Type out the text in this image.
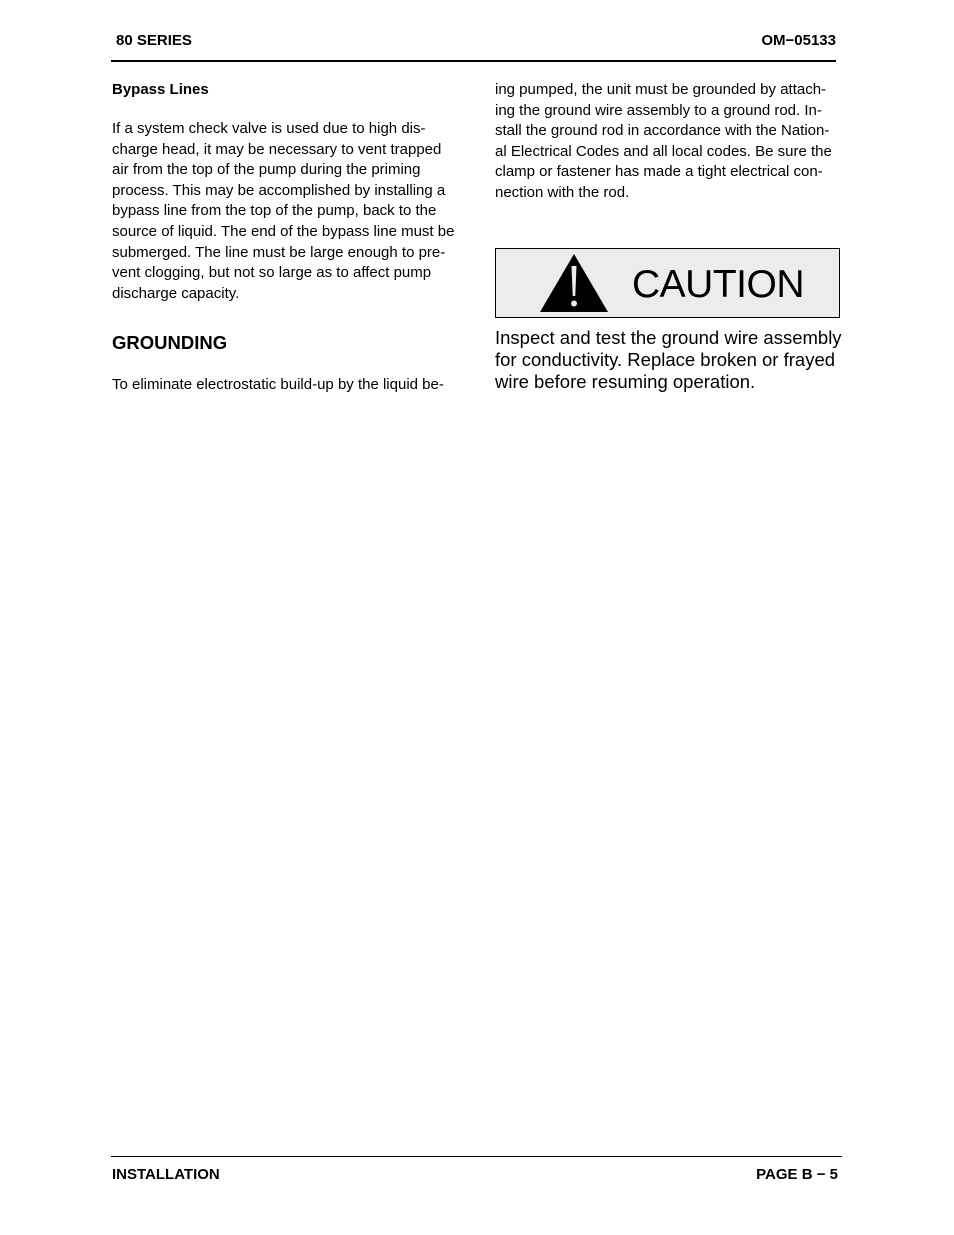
80 SERIES	OM−05133

Bypass Lines

If a system check valve is used due to high dis-
charge head, it may be necessary to vent trapped
air from the top of the pump during the priming
process. This may be accomplished by installing a
bypass line from the top of the pump, back to the
source of liquid. The end of the bypass line must be
submerged. The line must be large enough to pre-
vent clogging, but not so large as to affect pump
discharge capacity.

GROUNDING

To eliminate electrostatic build-up by the liquid be-

ing pumped, the unit must be grounded by attach-
ing the ground wire assembly to a ground rod. In-
stall the ground rod in accordance with the Nation-
al Electrical Codes and all local codes. Be sure the
clamp or fastener has made a tight electrical con-
nection with the rod.

CAUTION

Inspect and test the ground wire assembly
for conductivity. Replace broken or frayed
wire before resuming operation.

INSTALLATION	PAGE B − 5
